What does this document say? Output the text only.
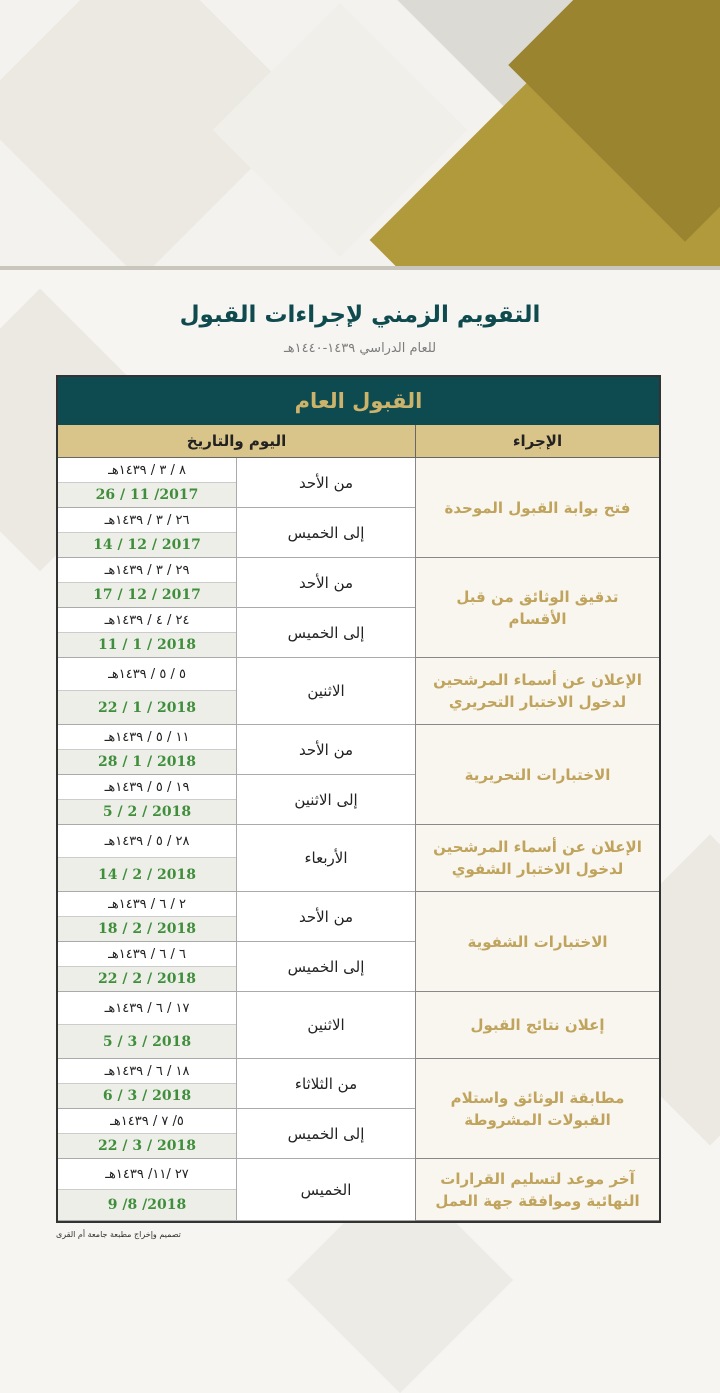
التقويم الزمني لإجراءات القبول
للعام الدراسي ١٤٣٩-١٤٤٠هـ
القبول العام
الإجراء
اليوم والتاريخ
فتح بوابة القبول الموحدة
من الأحد
٨ / ٣ / ١٤٣٩هـ
26 / 11 /2017
إلى الخميس
٢٦ / ٣ / ١٤٣٩هـ
14 / 12 / 2017
تدقيق الوثائق من قبل الأقسام
من الأحد
٢٩ / ٣ / ١٤٣٩هـ
17 / 12 / 2017
إلى الخميس
٢٤ / ٤ / ١٤٣٩هـ
11 / 1 / 2018
الإعلان عن أسماء المرشحين لدخول الاختبار التحريري
الاثنين
٥ / ٥ / ١٤٣٩هـ
22 / 1 / 2018
الاختبارات التحريرية
من الأحد
١١ / ٥ / ١٤٣٩هـ
28 / 1 / 2018
إلى الاثنين
١٩ / ٥ / ١٤٣٩هـ
5 / 2 / 2018
الإعلان عن أسماء المرشحين لدخول الاختبار الشفوي
الأربعاء
٢٨ / ٥ / ١٤٣٩هـ
14 / 2 / 2018
الاختبارات الشفوية
من الأحد
٢ / ٦ / ١٤٣٩هـ
18 / 2 / 2018
إلى الخميس
٦ / ٦ / ١٤٣٩هـ
22 / 2 / 2018
إعلان نتائج القبول
الاثنين
١٧ / ٦ / ١٤٣٩هـ
5 / 3 / 2018
مطابقة الوثائق واستلام القبولات المشروطة
من الثلاثاء
١٨ / ٦ / ١٤٣٩هـ
6 / 3 / 2018
إلى الخميس
٥/ ٧ / ١٤٣٩هـ
22 / 3 / 2018
آخر موعد لتسليم القرارات النهائية وموافقة جهة العمل
الخميس
٢٧ /١١/ ١٤٣٩هـ
9 /8 /2018
تصميم وإخراج مطبعة جامعة أم القرى
